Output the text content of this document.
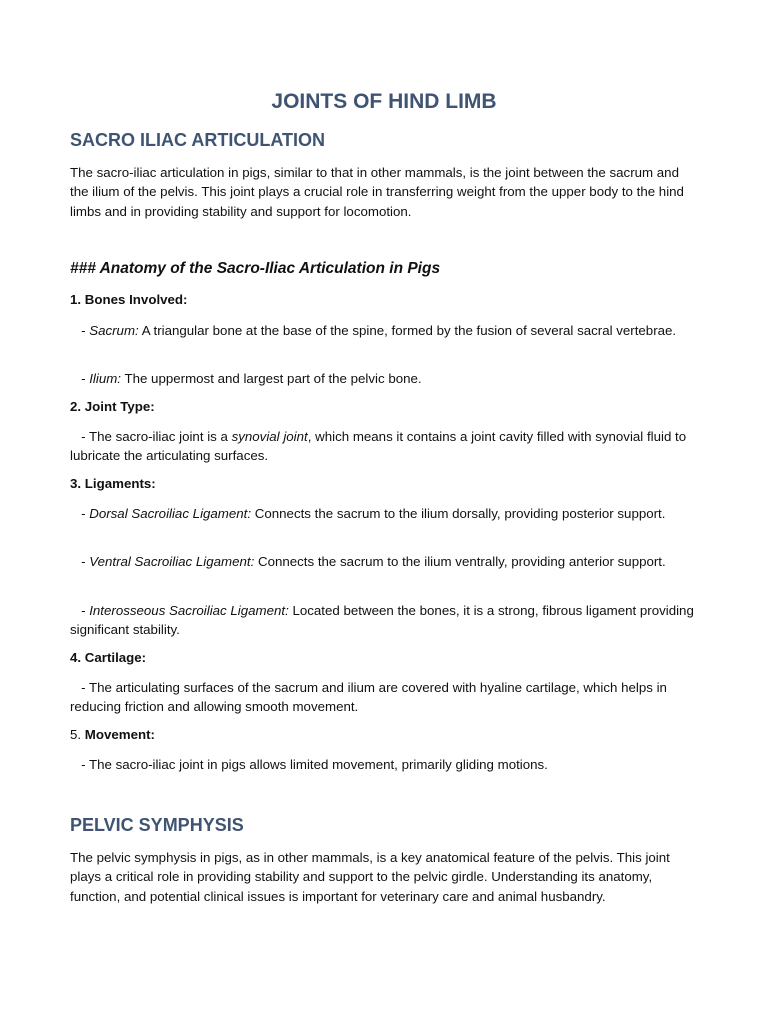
JOINTS OF HIND LIMB
SACRO ILIAC ARTICULATION
The sacro-iliac articulation in pigs, similar to that in other mammals, is the joint between the sacrum and the ilium of the pelvis. This joint plays a crucial role in transferring weight from the upper body to the hind limbs and in providing stability and support for locomotion.
### Anatomy of the Sacro-Iliac Articulation in Pigs
1. Bones Involved:
- Sacrum: A triangular bone at the base of the spine, formed by the fusion of several sacral vertebrae.
- Ilium: The uppermost and largest part of the pelvic bone.
2. Joint Type:
- The sacro-iliac joint is a synovial joint, which means it contains a joint cavity filled with synovial fluid to lubricate the articulating surfaces.
3. Ligaments:
- Dorsal Sacroiliac Ligament: Connects the sacrum to the ilium dorsally, providing posterior support.
- Ventral Sacroiliac Ligament: Connects the sacrum to the ilium ventrally, providing anterior support.
- Interosseous Sacroiliac Ligament: Located between the bones, it is a strong, fibrous ligament providing significant stability.
4. Cartilage:
- The articulating surfaces of the sacrum and ilium are covered with hyaline cartilage, which helps in reducing friction and allowing smooth movement.
5. Movement:
- The sacro-iliac joint in pigs allows limited movement, primarily gliding motions.
PELVIC SYMPHYSIS
The pelvic symphysis in pigs, as in other mammals, is a key anatomical feature of the pelvis. This joint plays a critical role in providing stability and support to the pelvic girdle. Understanding its anatomy, function, and potential clinical issues is important for veterinary care and animal husbandry.
